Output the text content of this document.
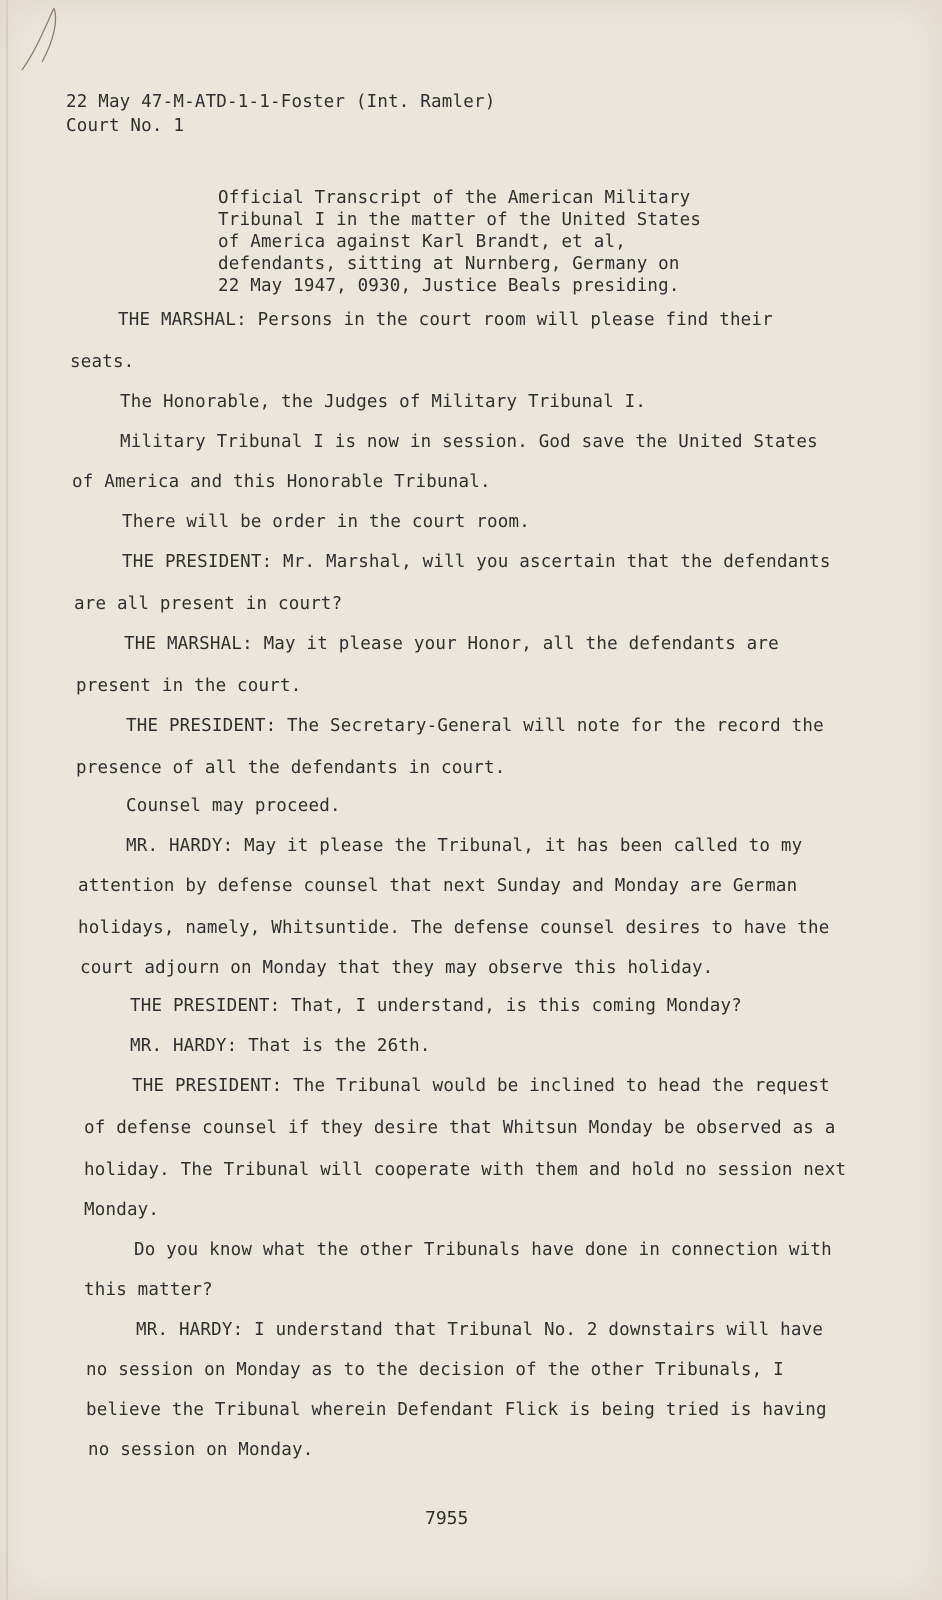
22 May 47-M-ATD-1-1-Foster (Int. Ramler)
Court No. 1
Official Transcript of the American Military
Tribunal I in the matter of the United States
of America against Karl Brandt, et al,
defendants, sitting at Nurnberg, Germany on
22 May 1947, 0930, Justice Beals presiding.
THE MARSHAL: Persons in the court room will please find their
seats.
The Honorable, the Judges of Military Tribunal I.
Military Tribunal I is now in session. God save the United States
of America and this Honorable Tribunal.
There will be order in the court room.
THE PRESIDENT: Mr. Marshal, will you ascertain that the defendants
are all present in court?
THE MARSHAL: May it please your Honor, all the defendants are
present in the court.
THE PRESIDENT: The Secretary-General will note for the record the
presence of all the defendants in court.
Counsel may proceed.
MR. HARDY: May it please the Tribunal, it has been called to my
attention by defense counsel that next Sunday and Monday are German
holidays, namely, Whitsuntide. The defense counsel desires to have the
court adjourn on Monday that they may observe this holiday.
THE PRESIDENT: That, I understand, is this coming Monday?
MR. HARDY: That is the 26th.
THE PRESIDENT: The Tribunal would be inclined to head the request
of defense counsel if they desire that Whitsun Monday be observed as a
holiday. The Tribunal will cooperate with them and hold no session next
Monday.
Do you know what the other Tribunals have done in connection with
this matter?
MR. HARDY: I understand that Tribunal No. 2 downstairs will have
no session on Monday as to the decision of the other Tribunals, I
believe the Tribunal wherein Defendant Flick is being tried is having
no session on Monday.
7955
